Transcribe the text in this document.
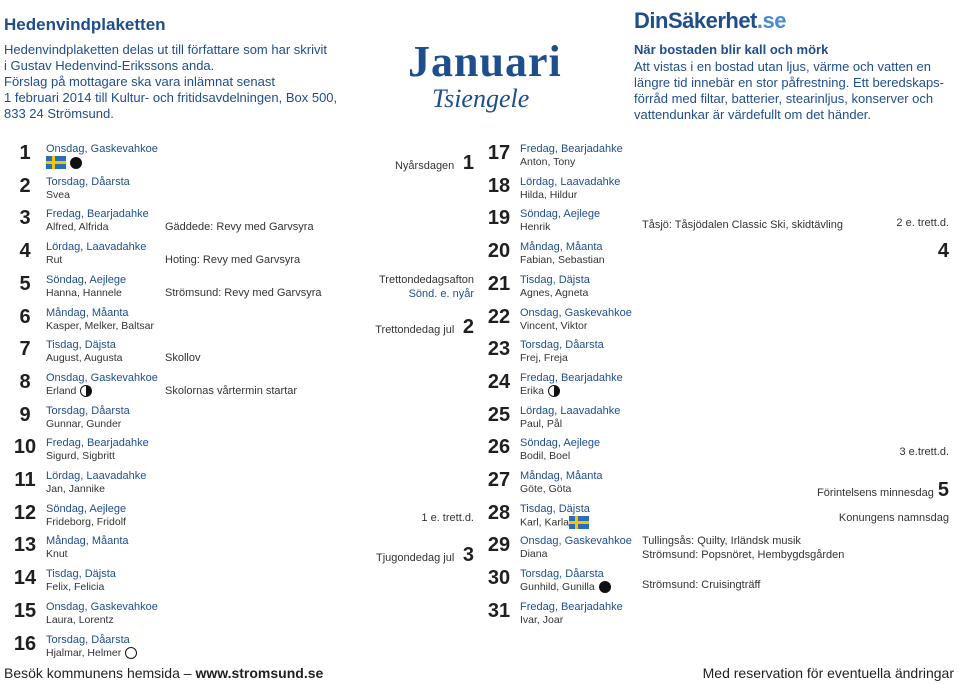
Hedenvindplaketten
Hedenvindplaketten delas ut till författare som har skrivit
i Gustav Hedenvind-Erikssons anda.
Förslag på mottagare ska vara inlämnat senast
1 februari 2014 till Kultur- och fritidsavdelningen, Box 500,
833 24 Strömsund.
Januari
Tsiengele
DinSäkerhet.se
När bostaden blir kall och mörk
Att vistas i en bostad utan ljus, värme och vatten en längre tid innebär en stor påfrestning. Ett beredskaps-förråd med filtar, batterier, stearinljus, konserver och vattendunkar är värdefullt om det händer.
1	Onsdag, Gaskevahkoe
Nyårsdagen 1
2	Torsdag, Dåarsta
Svea
3	Fredag, Bearjadahke
Alfred, Alfrida	Gäddede: Revy med Garvsyra
4	Lördag, Laavadahke
Rut	Hoting: Revy med Garvsyra
5	Söndag, Aejlege
Hanna, Hannele	Strömsund: Revy med Garvsyra
Trettondedagsafton
Sönd. e. nyår
6	Måndag, Måanta
Kasper, Melker, Baltsar	Trettondedag jul 2
7	Tisdag, Däjsta
August, Augusta	Skollov
8	Onsdag, Gaskevahkoe
Erland	Skolornas vårtermin startar
9	Torsdag, Dåarsta
Gunnar, Gunder
10 Fredag, Bearjadahke
Sigurd, Sigbritt
11 Lördag, Laavadahke
Jan, Jannike
12 Söndag, Aejlege
Frideborg, Fridolf	1 e. trett.d.
13 Måndag, Måanta
Knut	Tjugondedag jul 3
14 Tisdag, Däjsta
Felix, Felicia
15 Onsdag, Gaskevahkoe
Laura, Lorentz
16 Torsdag, Dåarsta
Hjalmar, Helmer
17 Fredag, Bearjadahke
Anton, Tony
18 Lördag, Laavadahke
Hilda, Hildur
19 Söndag, Aejlege
Henrik	Tåsjö: Tåsjödalen Classic Ski, skidtävling	2 e. trett.d.
20 Måndag, Måanta
Fabian, Sebastian	4
21 Tisdag, Däjsta
Agnes, Agneta
22 Onsdag, Gaskevahkoe
Vincent, Viktor
23 Torsdag, Dåarsta
Frej, Freja
24 Fredag, Bearjadahke
Erika
25 Lördag, Laavadahke
Paul, Pål
26 Söndag, Aejlege
Bodil, Boel	3 e.trett.d.
27 Måndag, Måanta
Göte, Göta	Förintelsens minnesdag 5
28 Tisdag, Däjsta
Karl, Karla	Konungens namnsdag
29 Onsdag, Gaskevahkoe
Diana
Tullingsås: Quilty, Irländsk musik
Strömsund: Popsnöret, Hembygdsgården
30 Torsdag, Dåarsta
Gunhild, Gunilla	Strömsund: Cruisingträff
31 Fredag, Bearjadahke
Ivar, Joar
Besök kommunens hemsida – www.stromsund.se	Med reservation för eventuella ändringar
